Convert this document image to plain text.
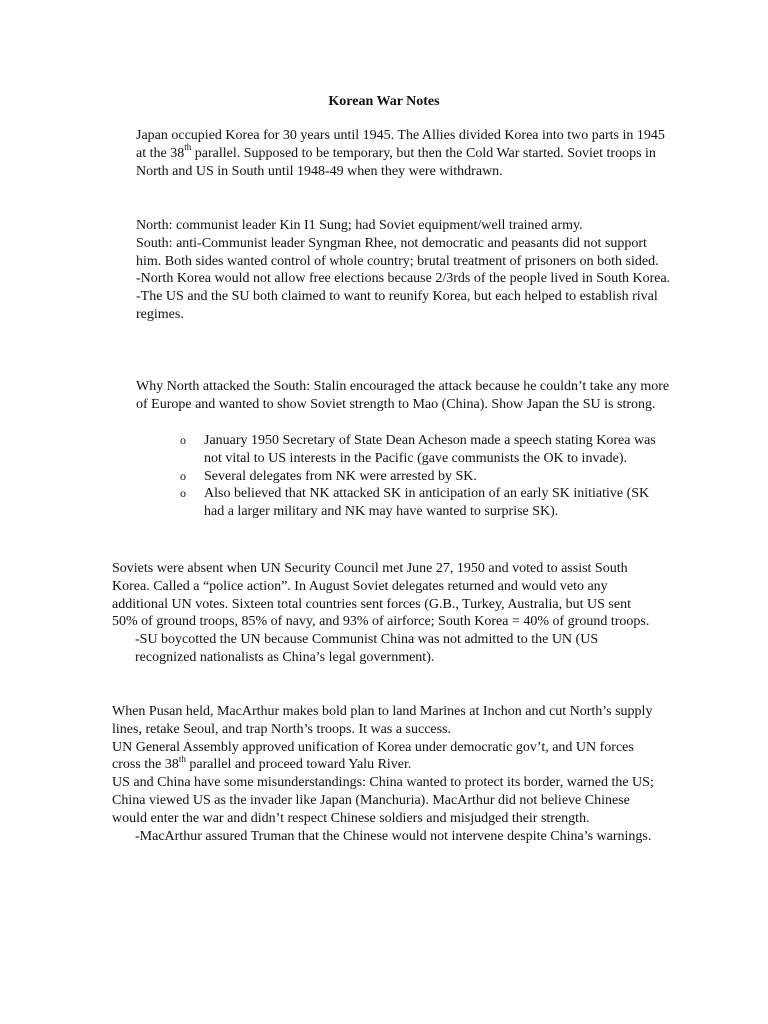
Korean War Notes

Japan occupied Korea for 30 years until 1945. The Allies divided Korea into two parts in 1945 at the 38th parallel. Supposed to be temporary, but then the Cold War started. Soviet troops in North and US in South until 1948-49 when they were withdrawn.

North: communist leader Kin I1 Sung; had Soviet equipment/well trained army.

South: anti-Communist leader Syngman Rhee, not democratic and peasants did not support him. Both sides wanted control of whole country; brutal treatment of prisoners on both sided.

-North Korea would not allow free elections because 2/3rds of the people lived in South Korea.

-The US and the SU both claimed to want to reunify Korea, but each helped to establish rival regimes.

Why North attacked the South: Stalin encouraged the attack because he couldn’t take any more of Europe and wanted to show Soviet strength to Mao (China). Show Japan the SU is strong.

o January 1950 Secretary of State Dean Acheson made a speech stating Korea was not vital to US interests in the Pacific (gave communists the OK to invade).
o Several delegates from NK were arrested by SK.
o Also believed that NK attacked SK in anticipation of an early SK initiative (SK had a larger military and NK may have wanted to surprise SK).

Soviets were absent when UN Security Council met June 27, 1950 and voted to assist South Korea. Called a “police action”. In August Soviet delegates returned and would veto any additional UN votes. Sixteen total countries sent forces (G.B., Turkey, Australia, but US sent 50% of ground troops, 85% of navy, and 93% of airforce; South Korea = 40% of ground troops.

-SU boycotted the UN because Communist China was not admitted to the UN (US recognized nationalists as China’s legal government).

When Pusan held, MacArthur makes bold plan to land Marines at Inchon and cut North’s supply lines, retake Seoul, and trap North’s troops. It was a success.

UN General Assembly approved unification of Korea under democratic gov’t, and UN forces cross the 38th parallel and proceed toward Yalu River.

US and China have some misunderstandings: China wanted to protect its border, warned the US; China viewed US as the invader like Japan (Manchuria). MacArthur did not believe Chinese would enter the war and didn’t respect Chinese soldiers and misjudged their strength.

-MacArthur assured Truman that the Chinese would not intervene despite China’s warnings.
